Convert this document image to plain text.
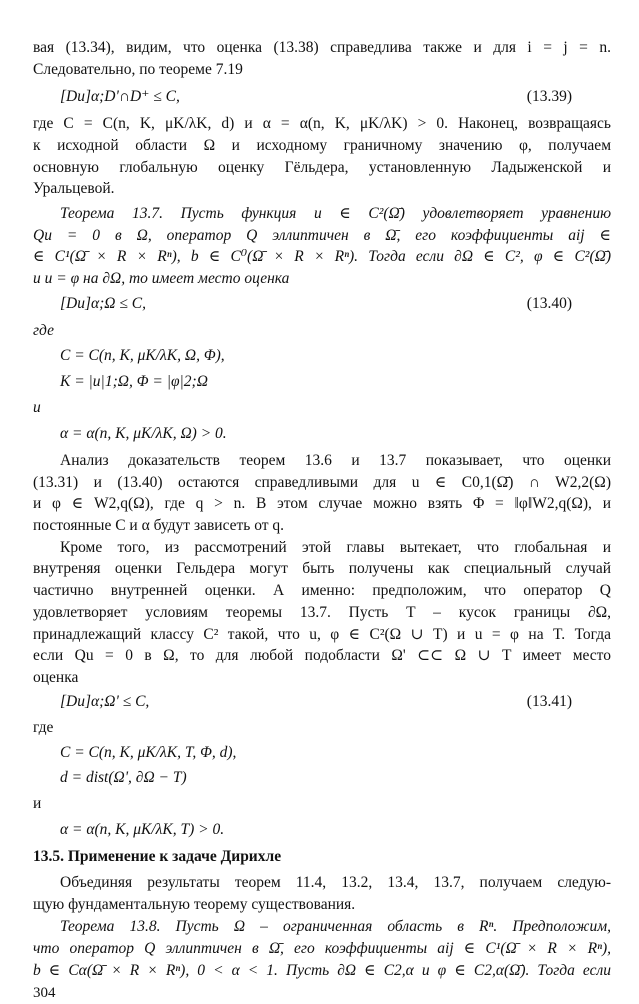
вая (13.34), видим, что оценка (13.38) справедлива также и для i = j = n.
Следовательно, по теореме 7.19
[Du]α;D'∩D⁺ ≤ C,	(13.39)
где C = C(n, K, μK/λK, d) и α = α(n, K, μK/λK) > 0. Наконец, возвращаясь
к исходной области Ω и исходному граничному значению φ, получаем
основную глобальную оценку Гёльдера, установленную Ладыженской и
Уральцевой.
Теорема 13.7. Пусть функция u ∈ C²(Ω̄) удовлетворяет уравнению
Qu = 0 в Ω, оператор Q эллиптичен в Ω̄, его коэффициенты aij ∈
∈ C¹(Ω̄ × R × Rⁿ), b ∈ C⁰(Ω̄ × R × Rⁿ). Тогда если ∂Ω ∈ C², φ ∈ C²(Ω̄)
и u = φ на ∂Ω, то имеет место оценка
[Du]α;Ω ≤ C,	(13.40)
где
C = C(n, K, μK/λK, Ω, Φ),
K = |u|1;Ω, Φ = |φ|2;Ω
и
α = α(n, K, μK/λK, Ω) > 0.
Анализ доказательств теорем 13.6 и 13.7 показывает, что оценки
(13.31) и (13.40) остаются справедливыми для u ∈ C0,1(Ω̄) ∩ W2,2(Ω)
и φ ∈ W2,q(Ω), где q > n. В этом случае можно взять Φ = ‖φ‖W2,q(Ω), и
постоянные C и α будут зависеть от q.
Кроме того, из рассмотрений этой главы вытекает, что глобальная и
внутреняя оценки Гельдера могут быть получены как специальный случай
частично внутренней оценки. А именно: предположим, что оператор Q
удовлетворяет условиям теоремы 13.7. Пусть T – кусок границы ∂Ω,
принадлежащий классу C² такой, что u, φ ∈ C²(Ω ∪ T) и u = φ на T. Тогда
если Qu = 0 в Ω, то для любой подобласти Ω' ⊂⊂ Ω ∪ T имеет место
оценка
[Du]α;Ω' ≤ C,	(13.41)
где
C = C(n, K, μK/λK, T, Φ, d),
d = dist(Ω', ∂Ω − T)
и
α = α(n, K, μK/λK, T) > 0.
13.5. Применение к задаче Дирихле
Объединяя результаты теорем 11.4, 13.2, 13.4, 13.7, получаем следую-
щую фундаментальную теорему существования.
Теорема 13.8. Пусть Ω – ограниченная область в Rⁿ. Предположим,
что оператор Q эллиптичен в Ω̄, его коэффициенты aij ∈ C¹(Ω̄ × R × Rⁿ),
b ∈ Cα(Ω̄ × R × Rⁿ), 0 < α < 1. Пусть ∂Ω ∈ C2,α и φ ∈ C2,α(Ω̄). Тогда если
304
